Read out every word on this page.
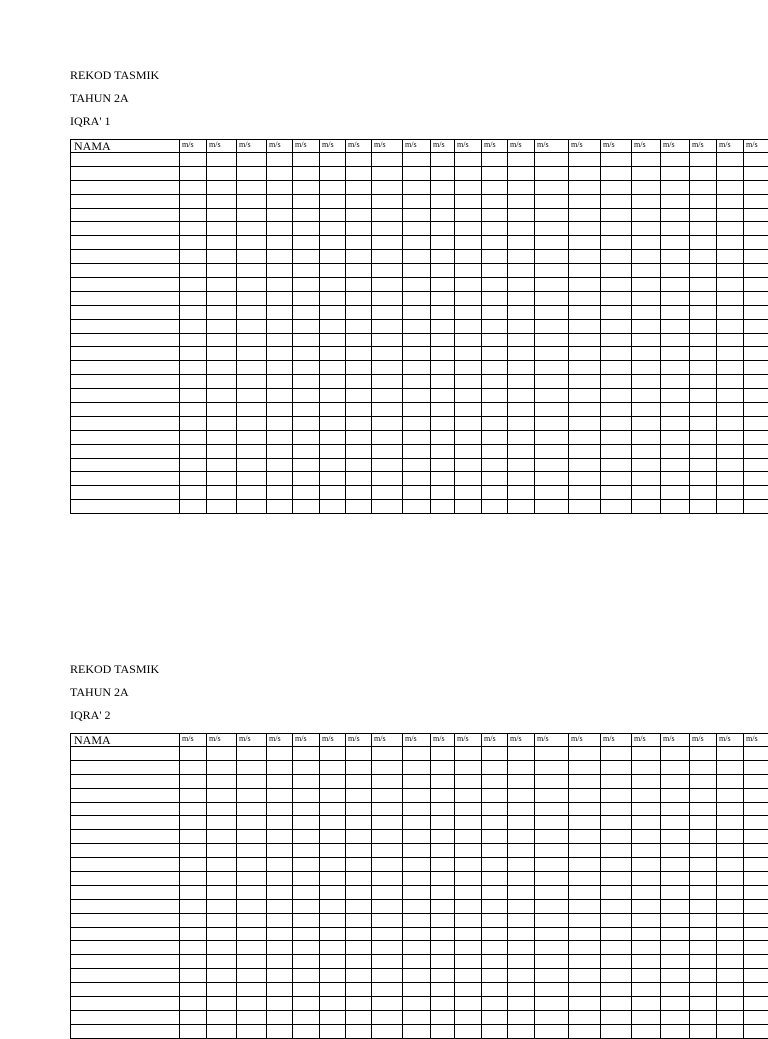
REKOD TASMIK
TAHUN 2A
IQRA' 1
NAMA	m/s	m/s	m/s	m/s	m/s	m/s	m/s	m/s	m/s	m/s	m/s	m/s	m/s	m/s	m/s	m/s	m/s	m/s	m/s	m/s	m/s

REKOD TASMIK
TAHUN 2A
IQRA' 2
NAMA	m/s	m/s	m/s	m/s	m/s	m/s	m/s	m/s	m/s	m/s	m/s	m/s	m/s	m/s	m/s	m/s	m/s	m/s	m/s	m/s	m/s
